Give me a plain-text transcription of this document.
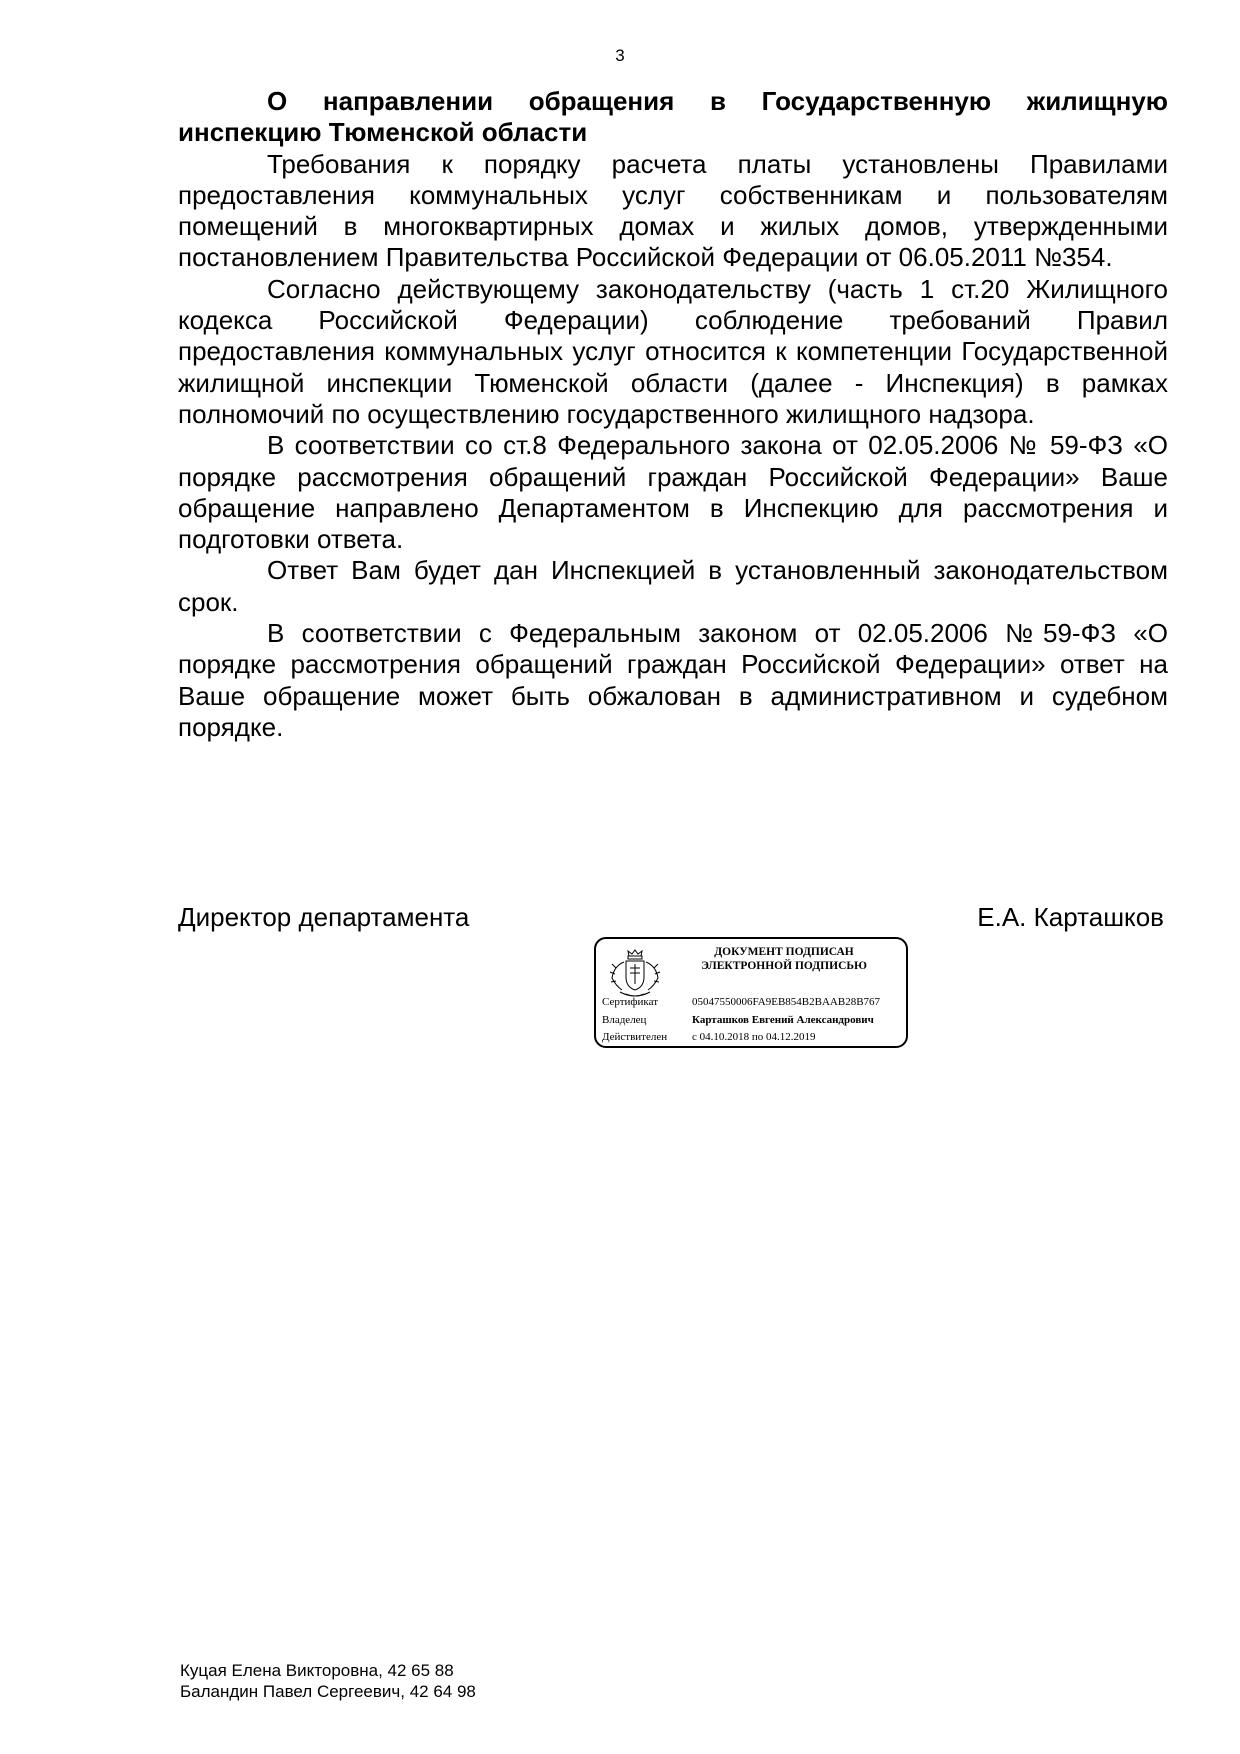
3

О направлении обращения в Государственную жилищную инспекцию Тюменской области

Требования к порядку расчета платы установлены Правилами предоставления коммунальных услуг собственникам и пользователям помещений в многоквартирных домах и жилых домов, утвержденными постановлением Правительства Российской Федерации от 06.05.2011 №354.

Согласно действующему законодательству (часть 1 ст.20 Жилищного кодекса Российской Федерации) соблюдение требований Правил предоставления коммунальных услуг относится к компетенции Государственной жилищной инспекции Тюменской области (далее - Инспекция) в рамках полномочий по осуществлению государственного жилищного надзора.

В соответствии со ст.8 Федерального закона от 02.05.2006 № 59-ФЗ «О порядке рассмотрения обращений граждан Российской Федерации» Ваше обращение направлено Департаментом в Инспекцию для рассмотрения и подготовки ответа.

Ответ Вам будет дан Инспекцией в установленный законодательством срок.

В соответствии с Федеральным законом от 02.05.2006 №59-ФЗ «О порядке рассмотрения обращений граждан Российской Федерации» ответ на Ваше обращение может быть обжалован в административном и судебном порядке.

Директор департамента	Е.А. Карташков
ДОКУМЕНТ ПОДПИСАН
ЭЛЕКТРОННОЙ ПОДПИСЬЮ
Сертификат	05047550006FA9EB854B2BAAB28B767
Владелец	Карташков Евгений Александрович
Действителен с 04.10.2018 по 04.12.2019
Куцая Елена Викторовна, 42 65 88
Баландин Павел Сергеевич, 42 64 98
